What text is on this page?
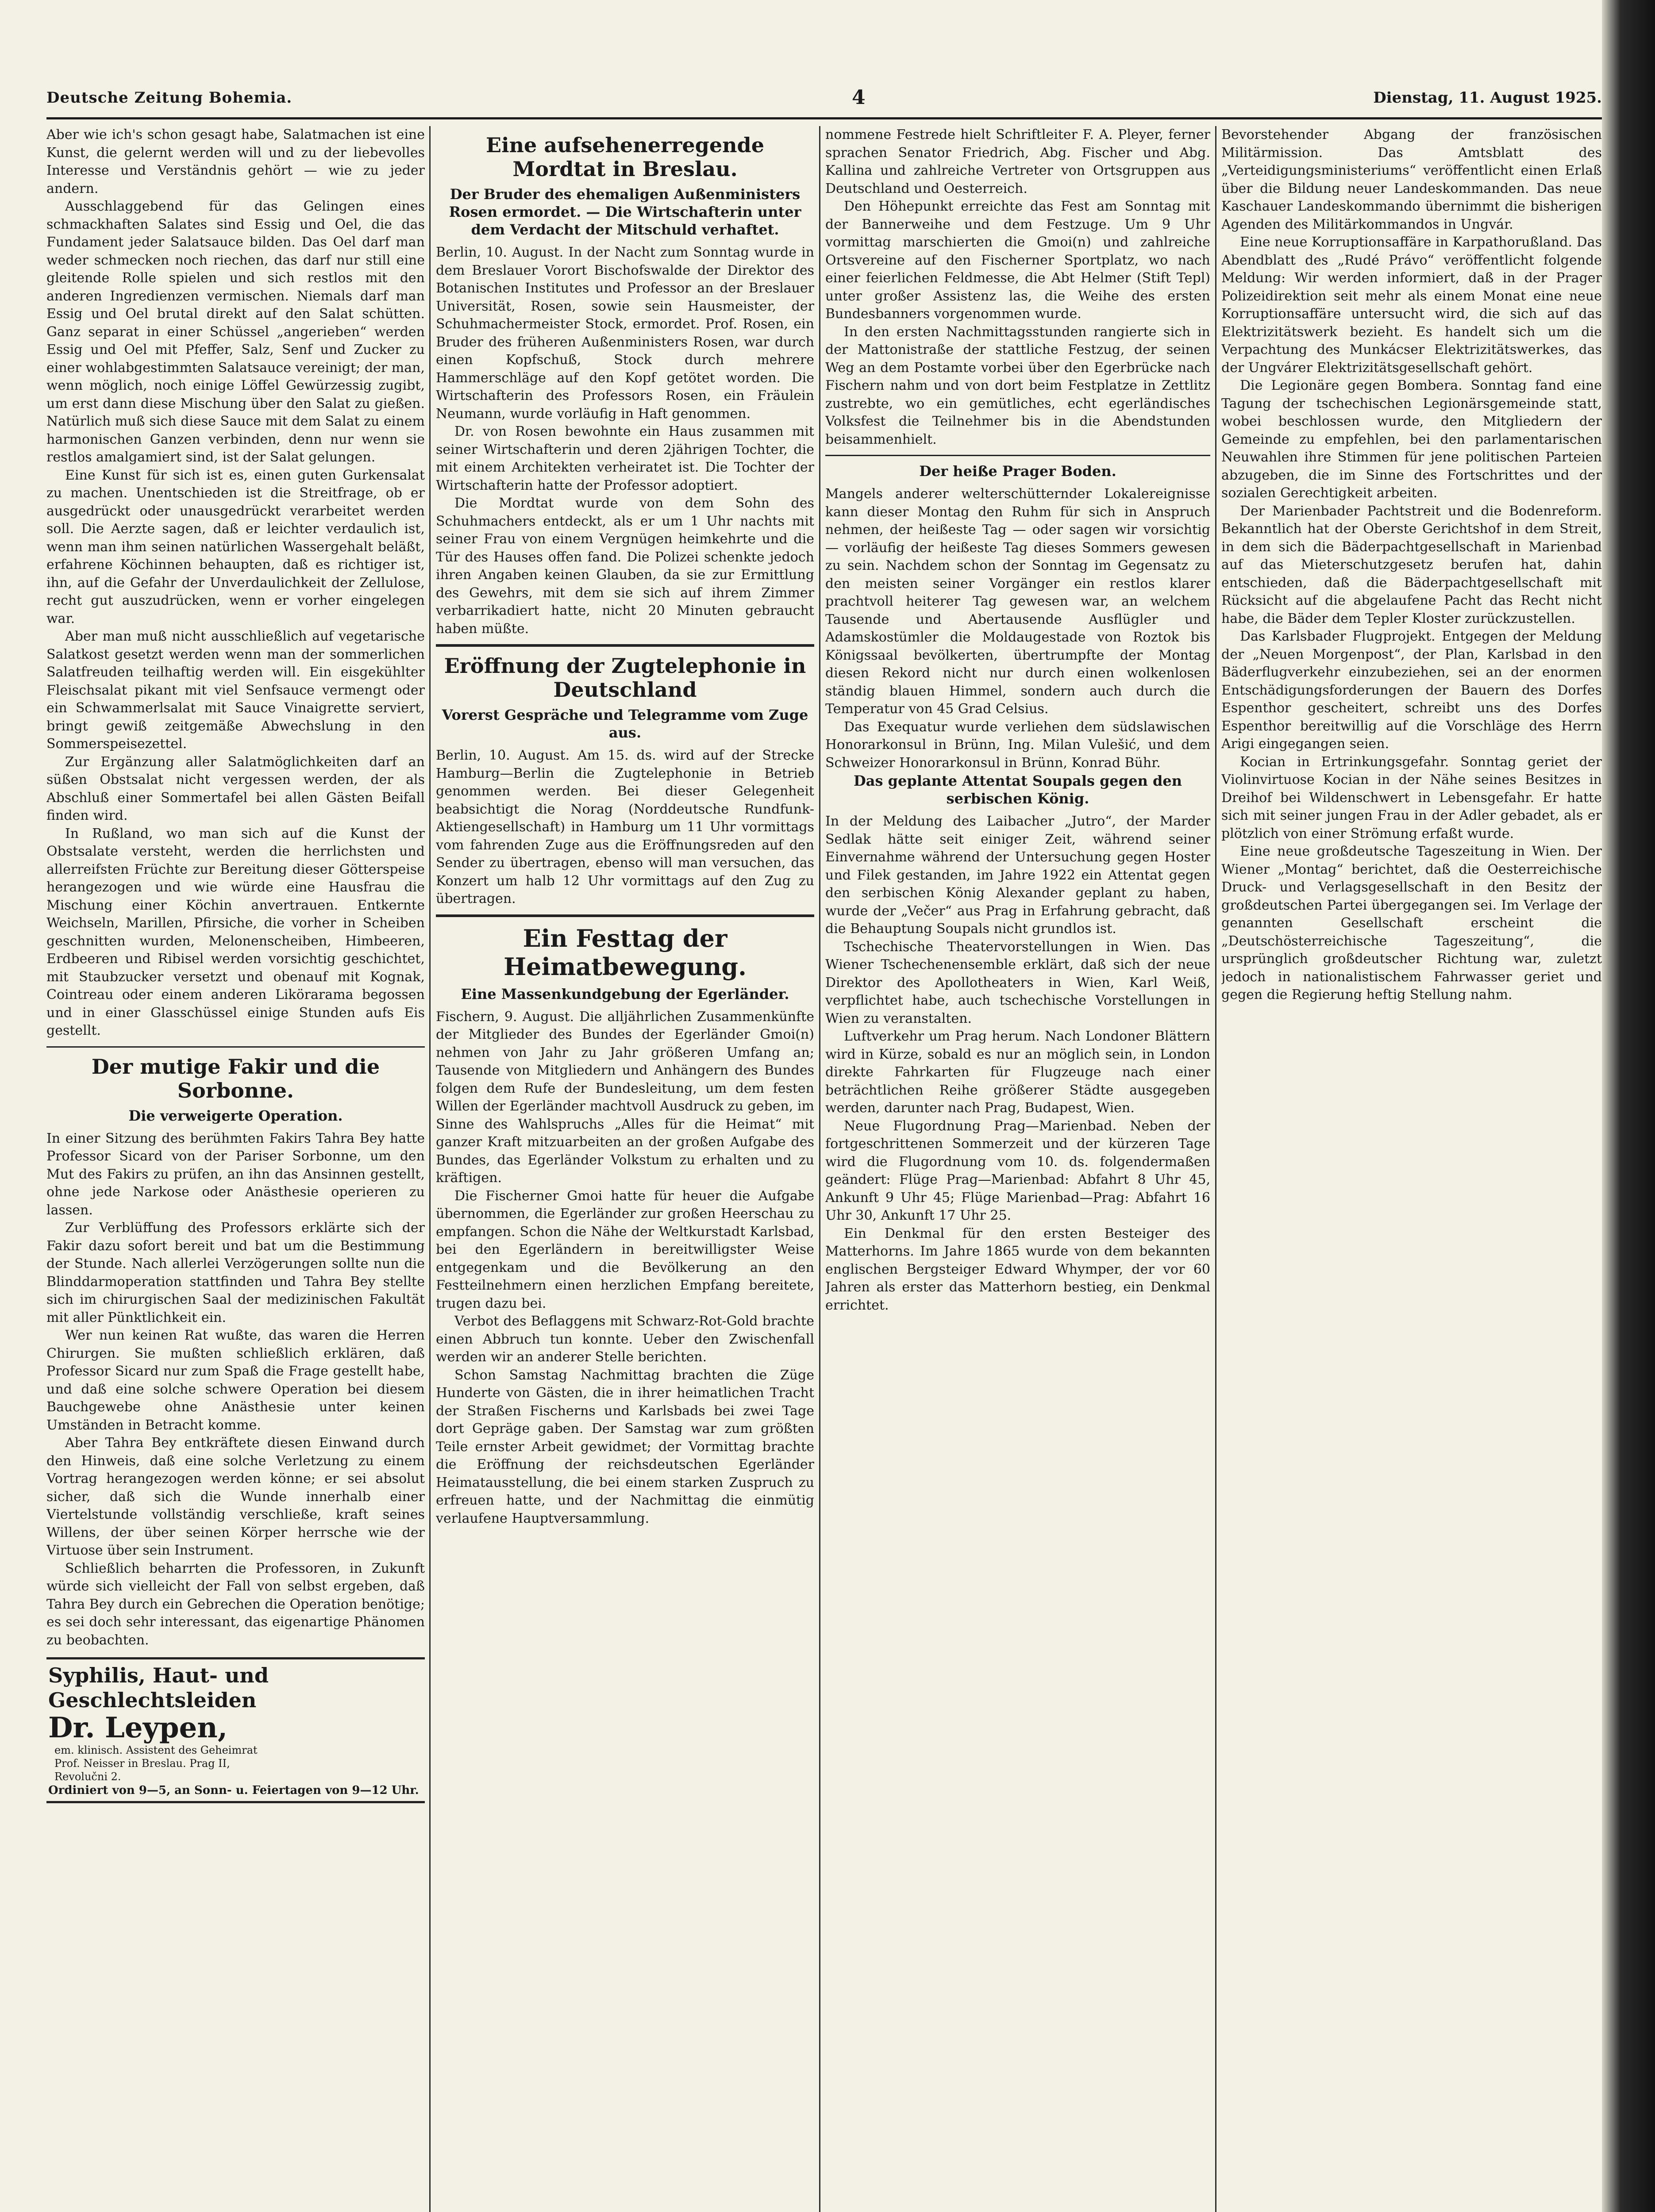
Deutsche Zeitung Bohemia.	4	Dienstag, 11. August 1925.

Aber wie ich's schon gesagt habe, Salatmachen ist eine Kunst, die gelernt werden will und zu der liebevolles Interesse und Verständnis gehört — wie zu jeder andern.

Ausschlaggebend für das Gelingen eines schmackhaften Salates sind Essig und Oel, die das Fundament jeder Salatsauce bilden. Das Oel darf man weder schmecken noch riechen, das darf nur still eine gleitende Rolle spielen und sich restlos mit den anderen Ingredienzen vermischen. Niemals darf man Essig und Oel brutal direkt auf den Salat schütten. Ganz separat in einer Schüssel „angerieben“ werden Essig und Oel mit Pfeffer, Salz, Senf und Zucker zu einer wohlabgestimmten Salatsauce vereinigt; der man, wenn möglich, noch einige Löffel Gewürzessig zugibt, um erst dann diese Mischung über den Salat zu gießen. Natürlich muß sich diese Sauce mit dem Salat zu einem harmonischen Ganzen verbinden, denn nur wenn sie restlos amalgamiert sind, ist der Salat gelungen.

Eine Kunst für sich ist es, einen guten Gurkensalat zu machen. Unentschieden ist die Streitfrage, ob er ausgedrückt oder unausgedrückt verarbeitet werden soll. Die Aerzte sagen, daß er leichter verdaulich ist, wenn man ihm seinen natürlichen Wassergehalt beläßt, erfahrene Köchinnen behaupten, daß es richtiger ist, ihn, auf die Gefahr der Unverdaulichkeit der Zellulose, recht gut auszudrücken, wenn er vorher eingelegen war.

Aber man muß nicht ausschließlich auf vegetarische Salatkost gesetzt werden wenn man der sommerlichen Salatfreuden teilhaftig werden will. Ein eisgekühlter Fleischsalat pikant mit viel Senfsauce vermengt oder ein Schwammerlsalat mit Sauce Vinaigrette serviert, bringt gewiß zeitgemäße Abwechslung in den Sommerspeisezettel.

Zur Ergänzung aller Salatmöglichkeiten darf an süßen Obstsalat nicht vergessen werden, der als Abschluß einer Sommertafel bei allen Gästen Beifall finden wird.

In Rußland, wo man sich auf die Kunst der Obstsalate versteht, werden die herrlichsten und allerreifsten Früchte zur Bereitung dieser Götterspeise herangezogen und wie würde eine Hausfrau die Mischung einer Köchin anvertrauen. Entkernte Weichseln, Marillen, Pfirsiche, die vorher in Scheiben geschnitten wurden, Melonenscheiben, Himbeeren, Erdbeeren und Ribisel werden vorsichtig geschichtet, mit Staubzucker versetzt und obenauf mit Kognak, Cointreau oder einem anderen Likörarama begossen und in einer Glasschüssel einige Stunden aufs Eis gestellt.

Der mutige Fakir und die Sorbonne.
Die verweigerte Operation.

In einer Sitzung des berühmten Fakirs Tahra Bey hatte Professor Sicard von der Pariser Sorbonne, um den Mut des Fakirs zu prüfen, an ihn das Ansinnen gestellt, ohne jede Narkose oder Anästhesie operieren zu lassen.

Zur Verblüffung des Professors erklärte sich der Fakir dazu sofort bereit und bat um die Bestimmung der Stunde. Nach allerlei Verzögerungen sollte nun die Blinddarmoperation stattfinden und Tahra Bey stellte sich im chirurgischen Saal der medizinischen Fakultät mit aller Pünktlichkeit ein.

Wer nun keinen Rat wußte, das waren die Herren Chirurgen. Sie mußten schließlich erklären, daß Professor Sicard nur zum Spaß die Frage gestellt habe, und daß eine solche schwere Operation bei diesem Bauchgewebe ohne Anästhesie unter keinen Umständen in Betracht komme.

Aber Tahra Bey entkräftete diesen Einwand durch den Hinweis, daß eine solche Verletzung zu einem Vortrag herangezogen werden könne; er sei absolut sicher, daß sich die Wunde innerhalb einer Viertelstunde vollständig verschließe, kraft seines Willens, der über seinen Körper herrsche wie der Virtuose über sein Instrument.

Schließlich beharrten die Professoren, in Zukunft würde sich vielleicht der Fall von selbst ergeben, daß Tahra Bey durch ein Gebrechen die Operation benötige; es sei doch sehr interessant, das eigenartige Phänomen zu beobachten.

Syphilis, Haut- und Geschlechtsleiden
Dr. Leypen, em. klinisch. Assistent des Geheimrat Prof. Neisser in Breslau. Prag II, Revolučni 2.
Ordiniert von 9—5, an Sonn- u. Feiertagen von 9—12 Uhr.
Eine aufsehenerregende Mordtat in Breslau.
Der Bruder des ehemaligen Außenministers Rosen ermordet. — Die Wirtschafterin unter dem Verdacht der Mitschuld verhaftet.

Berlin, 10. August. In der Nacht zum Sonntag wurde in dem Breslauer Vorort Bischofswalde der Direktor des Botanischen Institutes und Professor an der Breslauer Universität, Rosen, sowie sein Hausmeister, der Schuhmachermeister Stock, ermordet. Prof. Rosen, ein Bruder des früheren Außenministers Rosen, war durch einen Kopfschuß, Stock durch mehrere Hammerschläge auf den Kopf getötet worden. Die Wirtschafterin des Professors Rosen, ein Fräulein Neumann, wurde vorläufig in Haft genommen.

Dr. von Rosen bewohnte ein Haus zusammen mit seiner Wirtschafterin und deren 2jährigen Tochter, die mit einem Architekten verheiratet ist. Die Tochter der Wirtschafterin hatte der Professor adoptiert.

Die Mordtat wurde von dem Sohn des Schuhmachers entdeckt, als er um 1 Uhr nachts mit seiner Frau von einem Vergnügen heimkehrte und die Tür des Hauses offen fand. Die Polizei schenkte jedoch ihren Angaben keinen Glauben, da sie zur Ermittlung des Gewehrs, mit dem sie sich auf ihrem Zimmer verbarrikadiert hatte, nicht 20 Minuten gebraucht haben müßte.

Eröffnung der Zugtelephonie in Deutschland
Vorerst Gespräche und Telegramme vom Zuge aus.

Berlin, 10. August. Am 15. ds. wird auf der Strecke Hamburg—Berlin die Zugtelephonie in Betrieb genommen werden. Bei dieser Gelegenheit beabsichtigt die Norag (Norddeutsche Rundfunk-Aktiengesellschaft) in Hamburg um 11 Uhr vormittags vom fahrenden Zuge aus die Eröffnungsreden auf den Sender zu übertragen, ebenso will man versuchen, das Konzert um halb 12 Uhr vormittags auf den Zug zu übertragen.

Ein Festtag der Heimatbewegung.
Eine Massenkundgebung der Egerländer.

Fischern, 9. August. Die alljährlichen Zusammenkünfte der Mitglieder des Bundes der Egerländer Gmoi(n) nehmen von Jahr zu Jahr größeren Umfang an; Tausende von Mitgliedern und Anhängern des Bundes folgen dem Rufe der Bundesleitung, um dem festen Willen der Egerländer machtvoll Ausdruck zu geben, im Sinne des Wahlspruchs „Alles für die Heimat“ mit ganzer Kraft mitzuarbeiten an der großen Aufgabe des Bundes, das Egerländer Volkstum zu erhalten und zu kräftigen.

Die Fischerner Gmoi hatte für heuer die Aufgabe übernommen, die Egerländer zur großen Heerschau zu empfangen. Schon die Nähe der Weltkurstadt Karlsbad, bei den Egerländern in bereitwilligster Weise entgegenkam und die Bevölkerung an den Festteilnehmern einen herzlichen Empfang bereitete, trugen dazu bei.

Verbot des Beflaggens mit Schwarz-Rot-Gold brachte einen Abbruch tun konnte. Ueber den Zwischenfall werden wir an anderer Stelle berichten.

Schon Samstag Nachmittag brachten die Züge Hunderte von Gästen, die in ihrer heimatlichen Tracht der Straßen Fischerns und Karlsbads bei zwei Tage dort Gepräge gaben. Der Samstag war zum größten Teile ernster Arbeit gewidmet; der Vormittag brachte die Eröffnung der reichsdeutschen Egerländer Heimatausstellung, die bei einem starken Zuspruch zu erfreuen hatte, und der Nachmittag die einmütig verlaufene Hauptversammlung.

nommene Festrede hielt Schriftleiter F. A. Pleyer, ferner sprachen Senator Friedrich, Abg. Fischer und Abg. Kallina und zahlreiche Vertreter von Ortsgruppen aus Deutschland und Oesterreich.

Den Höhepunkt erreichte das Fest am Sonntag mit der Bannerweihe und dem Festzuge. Um 9 Uhr vormittag marschierten die Gmoi(n) und zahlreiche Ortsvereine auf den Fischerner Sportplatz, wo nach einer feierlichen Feldmesse, die Abt Helmer (Stift Tepl) unter großer Assistenz las, die Weihe des ersten Bundesbanners vorgenommen wurde.

In den ersten Nachmittagsstunden rangierte sich in der Mattonistraße der stattliche Festzug, der seinen Weg an dem Postamte vorbei über den Egerbrücke nach Fischern nahm und von dort beim Festplatze in Zettlitz zustrebte, wo ein gemütliches, echt egerländisches Volksfest die Teilnehmer bis in die Abendstunden beisammenhielt.

Der heiße Prager Boden.

Mangels anderer welterschütternder Lokalereignisse kann dieser Montag den Ruhm für sich in Anspruch nehmen, der heißeste Tag — oder sagen wir vorsichtig — vorläufig der heißeste Tag dieses Sommers gewesen zu sein. Nachdem schon der Sonntag im Gegensatz zu den meisten seiner Vorgänger ein restlos klarer prachtvoll heiterer Tag gewesen war, an welchem Tausende und Abertausende Ausflügler und Adamskostümler die Moldaugestade von Roztok bis Königssaal bevölkerten, übertrumpfte der Montag diesen Rekord nicht nur durch einen wolkenlosen ständig blauen Himmel, sondern auch durch die Temperatur von 45 Grad Celsius.

Das Exequatur wurde verliehen dem südslawischen Honorarkonsul in Brünn, Ing. Milan Vulešić, und dem Schweizer Honorarkonsul in Brünn, Konrad Bühr.

Das geplante Attentat Soupals gegen den serbischen König.

In der Meldung des Laibacher „Jutro“, der Marder Sedlak hätte seit einiger Zeit, während seiner Einvernahme während der Untersuchung gegen Hoster und Filek gestanden, im Jahre 1922 ein Attentat gegen den serbischen König Alexander geplant zu haben, wurde der „Večer“ aus Prag in Erfahrung gebracht, daß die Behauptung Soupals nicht grundlos ist.

Tschechische Theatervorstellungen in Wien. Das Wiener Tschechenensemble erklärt, daß sich der neue Direktor des Apollotheaters in Wien, Karl Weiß, verpflichtet habe, auch tschechische Vorstellungen in Wien zu veranstalten.

Luftverkehr um Prag herum. Nach Londoner Blättern wird in Kürze, sobald es nur an möglich sein, in London direkte Fahrkarten für Flugzeuge nach einer beträchtlichen Reihe größerer Städte ausgegeben werden, darunter nach Prag, Budapest, Wien.

Neue Flugordnung Prag—Marienbad. Neben der fortgeschrittenen Sommerzeit und der kürzeren Tage wird die Flugordnung vom 10. ds. folgendermaßen geändert: Flüge Prag—Marienbad: Abfahrt 8 Uhr 45, Ankunft 9 Uhr 45; Flüge Marienbad—Prag: Abfahrt 16 Uhr 30, Ankunft 17 Uhr 25.

Ein Denkmal für den ersten Besteiger des Matterhorns. Im Jahre 1865 wurde von dem bekannten englischen Bergsteiger Edward Whymper, der vor 60 Jahren als erster das Matterhorn bestieg, ein Denkmal errichtet.

Bevorstehender Abgang der französischen Militärmission. Das Amtsblatt des „Verteidigungsministeriums“ veröffentlicht einen Erlaß über die Bildung neuer Landeskommanden. Das neue Kaschauer Landeskommando übernimmt die bisherigen Agenden des Militärkommandos in Ungvár.

Eine neue Korruptionsaffäre in Karpathorußland. Das Abendblatt des „Rudé Právo“ veröffentlicht folgende Meldung: Wir werden informiert, daß in der Prager Polizeidirektion seit mehr als einem Monat eine neue Korruptionsaffäre untersucht wird, die sich auf das Elektrizitätswerk bezieht. Es handelt sich um die Verpachtung des Munkácser Elektrizitätswerkes, das der Ungvárer Elektrizitätsgesellschaft gehört.

Die Legionäre gegen Bombera. Sonntag fand eine Tagung der tschechischen Legionärsgemeinde statt, wobei beschlossen wurde, den Mitgliedern der Gemeinde zu empfehlen, bei den parlamentarischen Neuwahlen ihre Stimmen für jene politischen Parteien abzugeben, die im Sinne des Fortschrittes und der sozialen Gerechtigkeit arbeiten.

Der Marienbader Pachtstreit und die Bodenreform. Bekanntlich hat der Oberste Gerichtshof in dem Streit, in dem sich die Bäderpachtgesellschaft in Marienbad auf das Mieterschutzgesetz berufen hat, dahin entschieden, daß die Bäderpachtgesellschaft mit Rücksicht auf die abgelaufene Pacht das Recht nicht habe, die Bäder dem Tepler Kloster zurückzustellen.

Das Karlsbader Flugprojekt. Entgegen der Meldung der „Neuen Morgenpost“, der Plan, Karlsbad in den Bäderflugverkehr einzubeziehen, sei an der enormen Entschädigungsforderungen der Bauern des Dorfes Espenthor gescheitert, schreibt uns des Dorfes Espenthor bereitwillig auf die Vorschläge des Herrn Arigi eingegangen seien.

Kocian in Ertrinkungsgefahr. Sonntag geriet der Violinvirtuose Kocian in der Nähe seines Besitzes in Dreihof bei Wildenschwert in Lebensgefahr. Er hatte sich mit seiner jungen Frau in der Adler gebadet, als er plötzlich von einer Strömung erfaßt wurde.

Eine neue großdeutsche Tageszeitung in Wien. Der Wiener „Montag“ berichtet, daß die Oesterreichische Druck- und Verlagsgesellschaft in den Besitz der großdeutschen Partei übergegangen sei. Im Verlage der genannten Gesellschaft erscheint die „Deutschösterreichische Tageszeitung“, die ursprünglich großdeutscher Richtung war, zuletzt jedoch in nationalistischem Fahrwasser geriet und gegen die Regierung heftig Stellung nahm.
